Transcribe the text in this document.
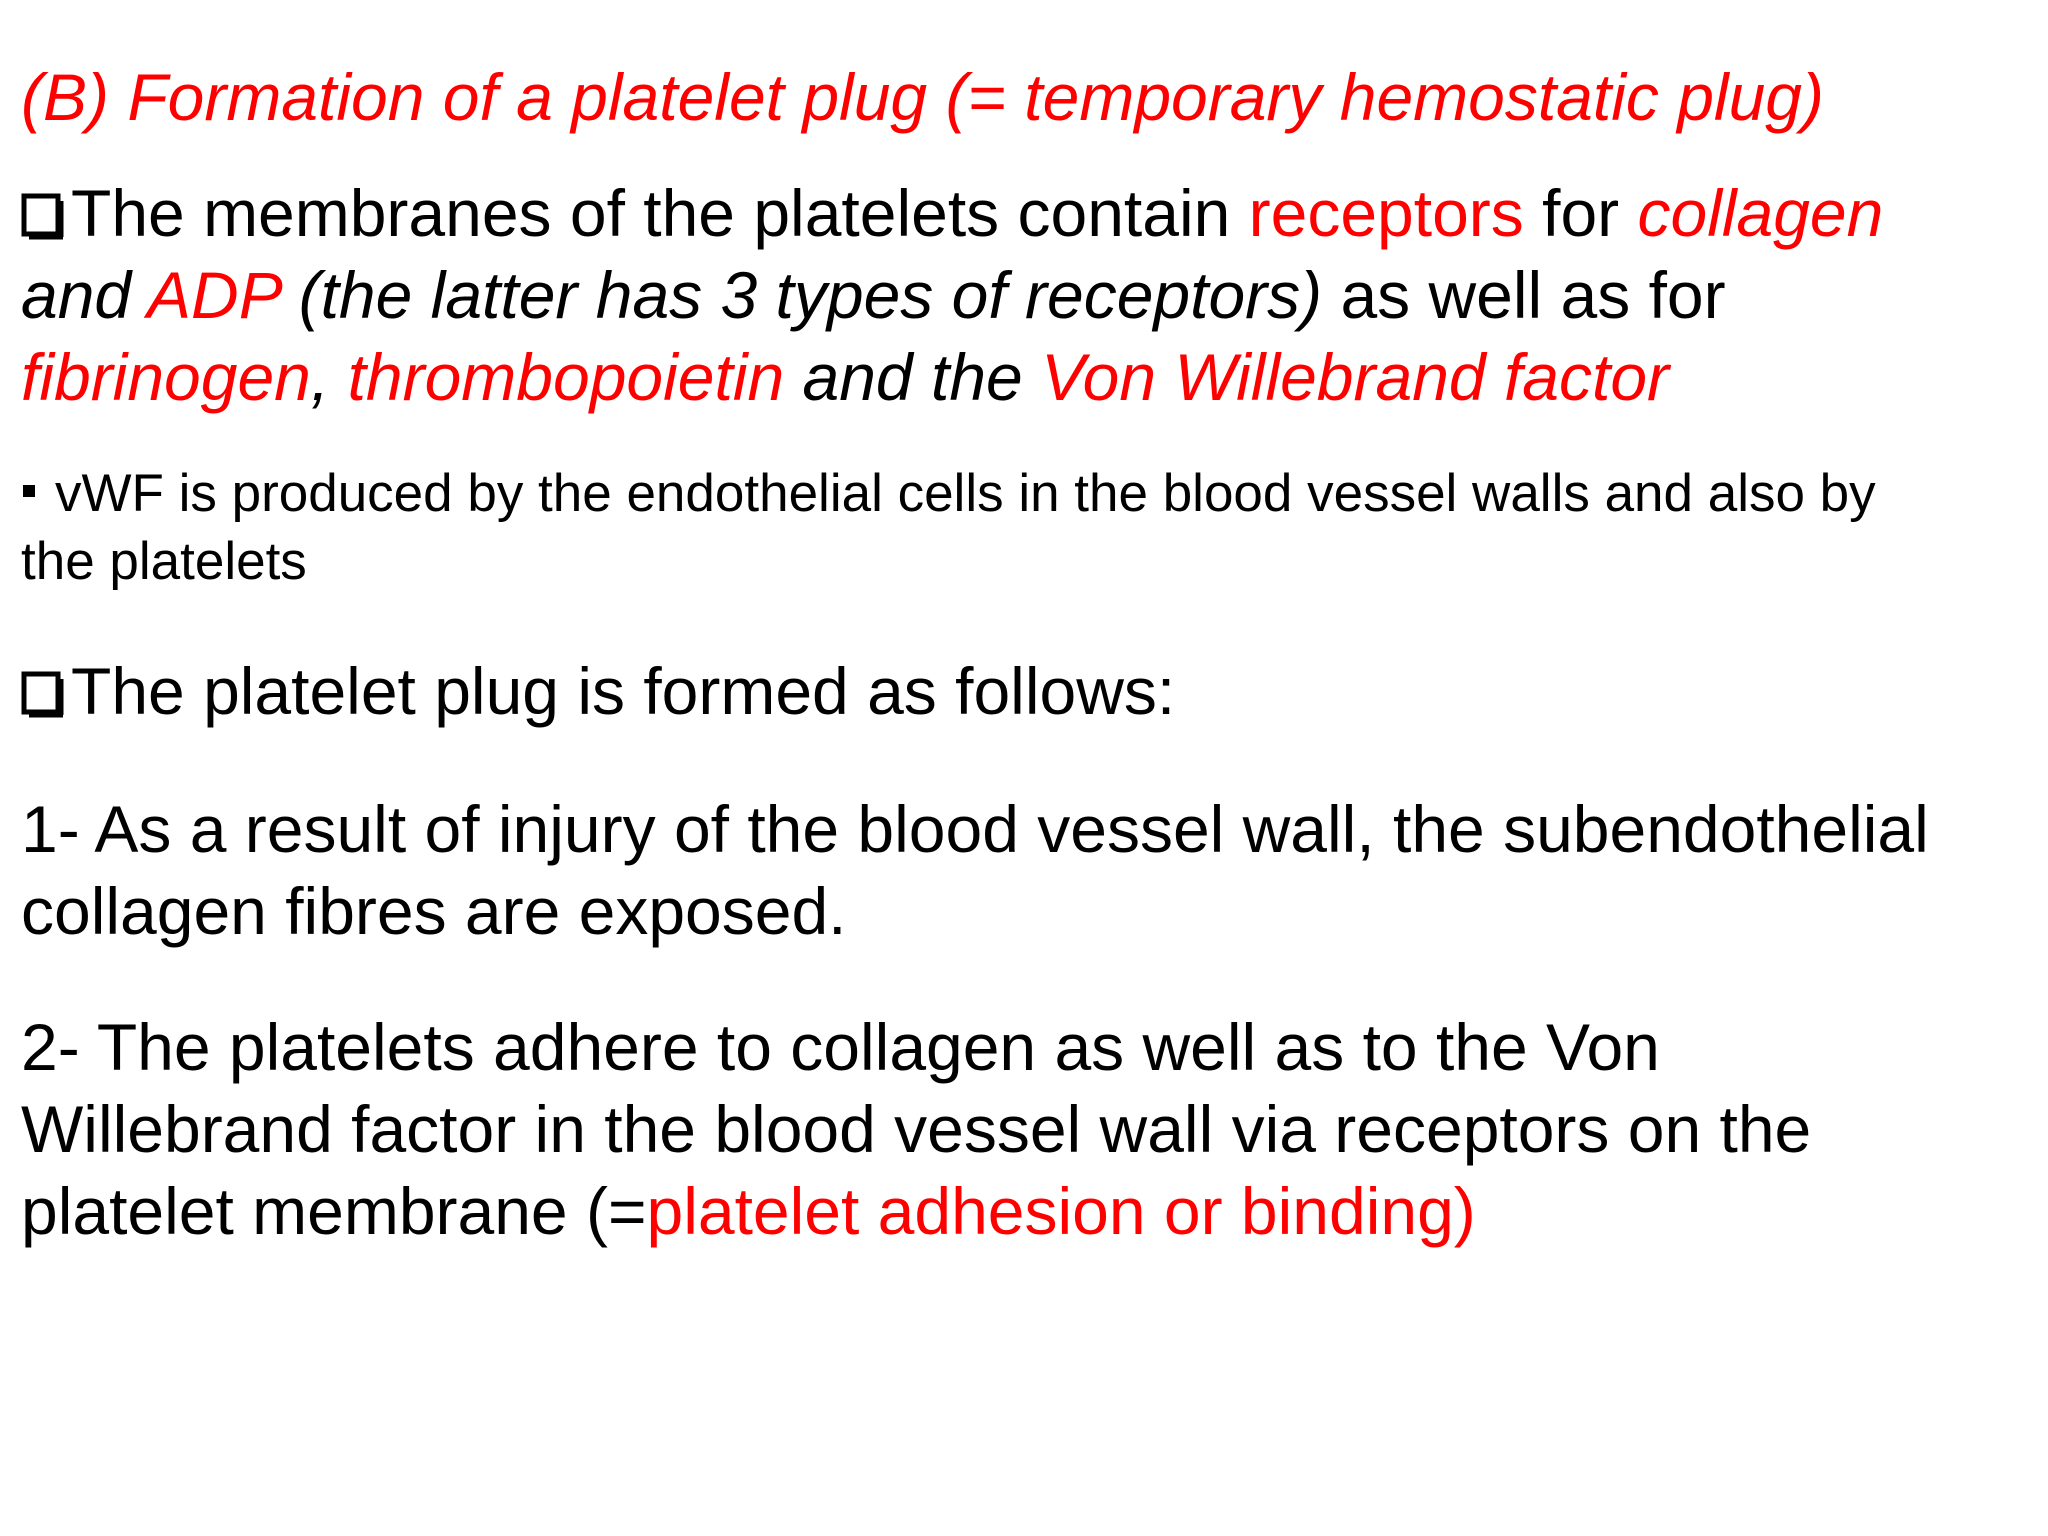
(B) Formation of a platelet plug (= temporary hemostatic plug)
The membranes of the platelets contain receptors for collagen
and ADP (the latter has 3 types of receptors) as well as for
fibrinogen, thrombopoietin and the Von Willebrand factor
vWF is produced by the endothelial cells in the blood vessel walls and also by
the platelets
The platelet plug is formed as follows:
1- As a result of injury of the blood vessel wall, the subendothelial
collagen fibres are exposed.
2- The platelets adhere to collagen as well as to the Von
Willebrand factor in the blood vessel wall via receptors on the
platelet membrane (=platelet adhesion or binding)
